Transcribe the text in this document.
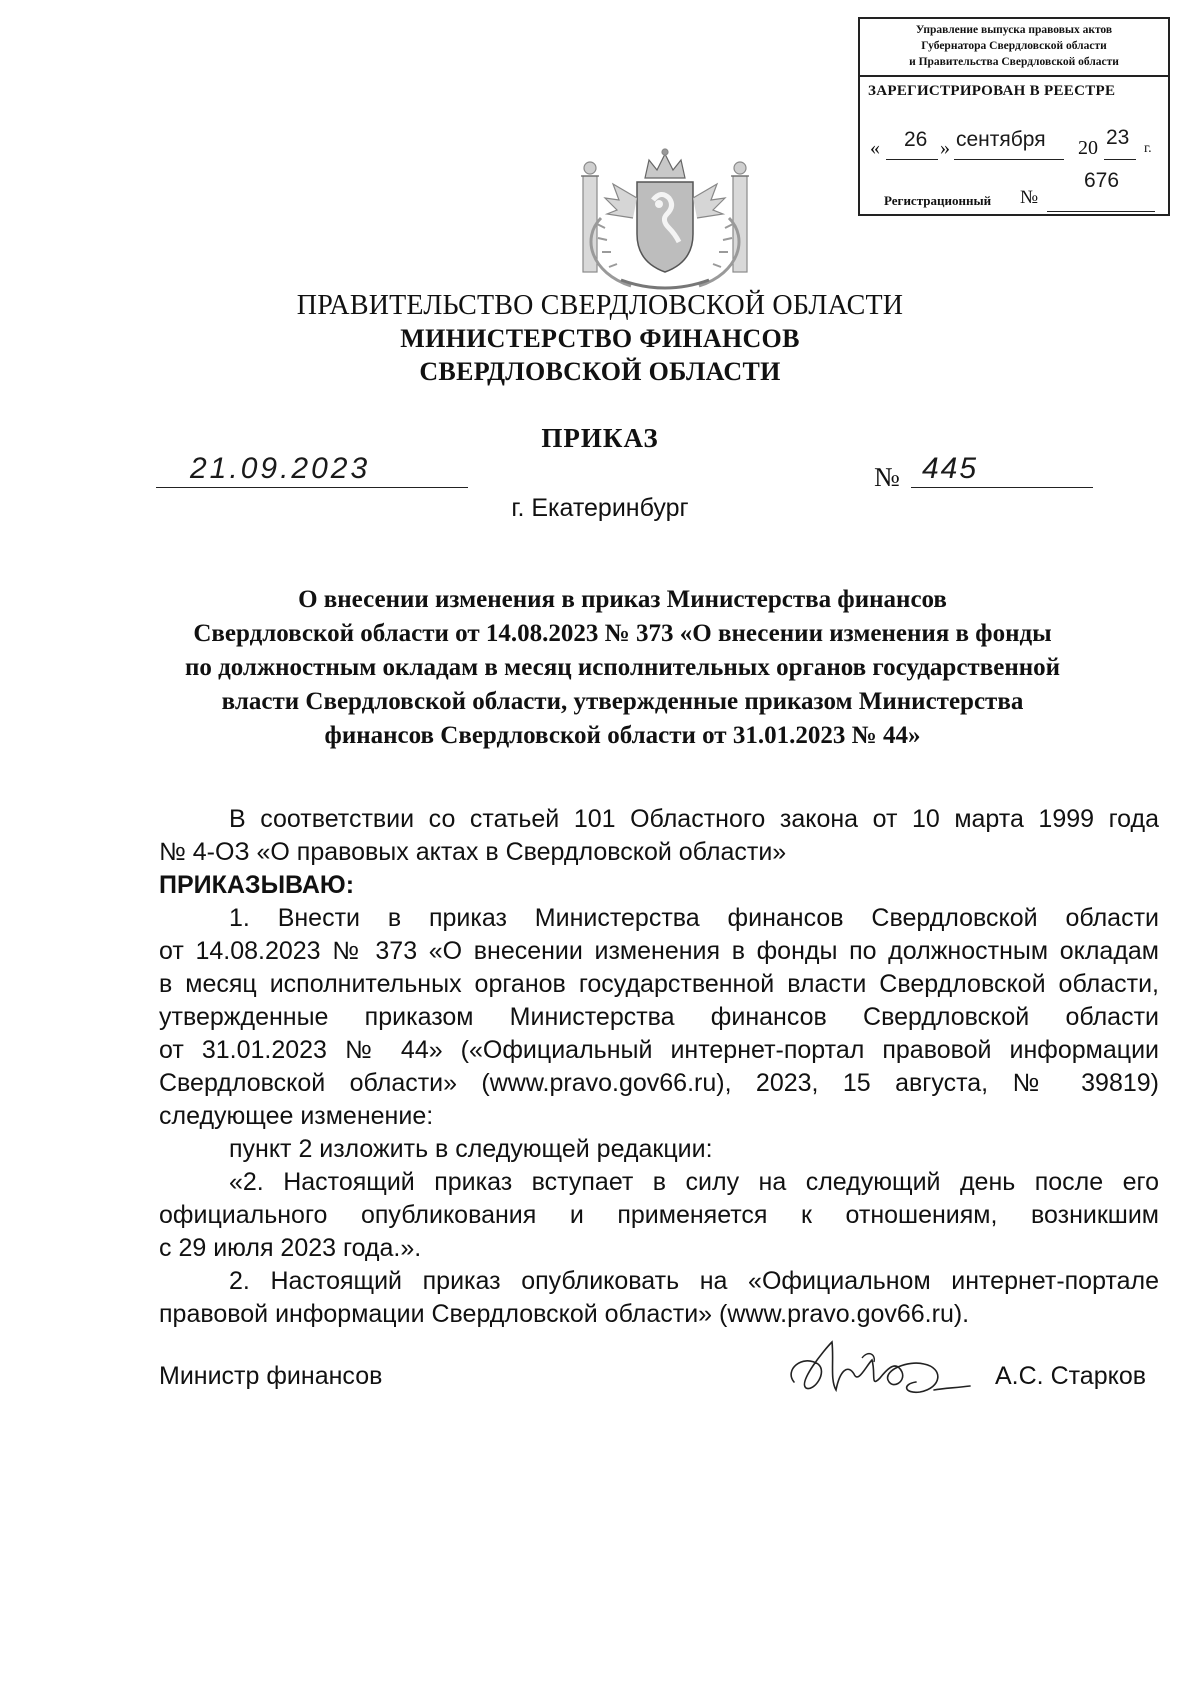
Управление выпуска правовых актов
Губернатора Свердловской области
и Правительства Свердловской области
ЗАРЕГИСТРИРОВАН В РЕЕСТРЕ
« 26 » сентября 20 23 г.
Регистрационный №
676
ПРАВИТЕЛЬСТВО СВЕРДЛОВСКОЙ ОБЛАСТИ
МИНИСТЕРСТВО ФИНАНСОВ
СВЕРДЛОВСКОЙ ОБЛАСТИ
ПРИКАЗ
21.09.2023	№ 445
г. Екатеринбург
О внесении изменения в приказ Министерства финансов
Свердловской области от 14.08.2023 № 373 «О внесении изменения в фонды
по должностным окладам в месяц исполнительных органов государственной
власти Свердловской области, утвержденные приказом Министерства
финансов Свердловской области от 31.01.2023 № 44»
В соответствии со статьей 101 Областного закона от 10 марта 1999 года
№ 4-ОЗ «О правовых актах в Свердловской области»
ПРИКАЗЫВАЮ:
1. Внести в приказ Министерства финансов Свердловской области
от 14.08.2023 № 373 «О внесении изменения в фонды по должностным окладам
в месяц исполнительных органов государственной власти Свердловской области,
утвержденные приказом Министерства финансов Свердловской области
от 31.01.2023 № 44» («Официальный интернет-портал правовой информации
Свердловской области» (www.pravo.gov66.ru), 2023, 15 августа, № 39819)
следующее изменение:
пункт 2 изложить в следующей редакции:
«2. Настоящий приказ вступает в силу на следующий день после его
официального опубликования и применяется к отношениям, возникшим
с 29 июля 2023 года.».
2. Настоящий приказ опубликовать на «Официальном интернет-портале
правовой информации Свердловской области» (www.pravo.gov66.ru).
Министр финансов	А.С. Старков
